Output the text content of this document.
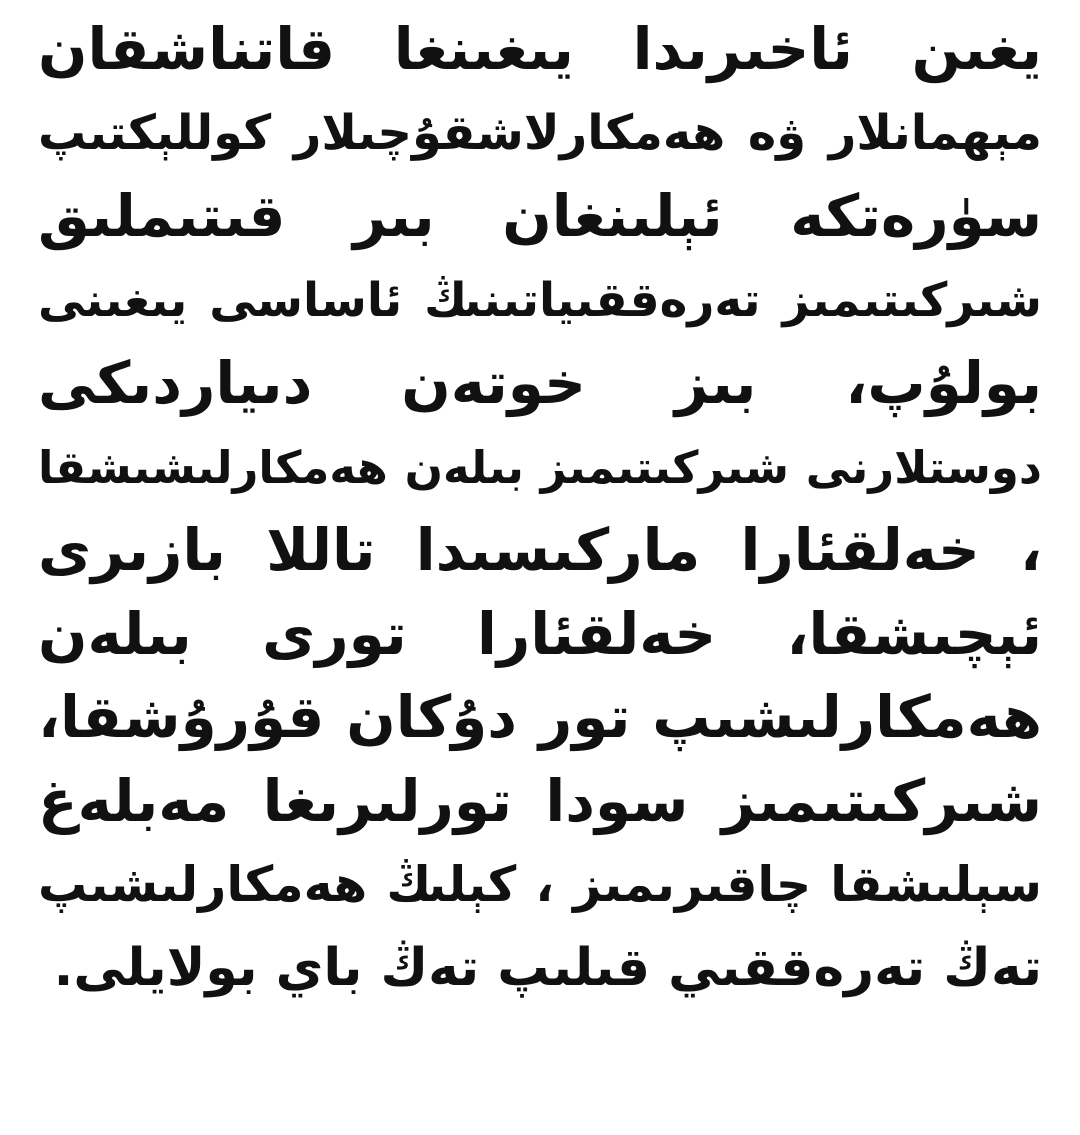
يغىن ئاخىرىدا يىغىنغا قاتناشقان
مېھمانلار ۋە ھەمكارلاشقۇچىلار كوللېكتىپ
سۈرەتكە ئېلىنغان بىر قىتىملىق
شىركىتىمىز تەرەققىياتىنىڭ ئاساسى يىغىنى
بولۇپ، بىز خوتەن دىياردىكى
دوستلارنى شىركىتىمىز بىلەن ھەمكارلىشىشقا
، خەلقئارا ماركىسىدا تاللا بازىرى
ئېچىشقا، خەلقئارا تورى بىلەن
ھەمكارلىشىپ تور دۇكان قۇرۇشقا،
شىركىتىمىز سودا تورلىرىغا مەبلەغ
سېلىشقا چاقىرىمىز ، كېلىڭ ھەمكارلىشىپ
تەڭ تەرەققىي قىلىپ تەڭ باي بولايلى.
